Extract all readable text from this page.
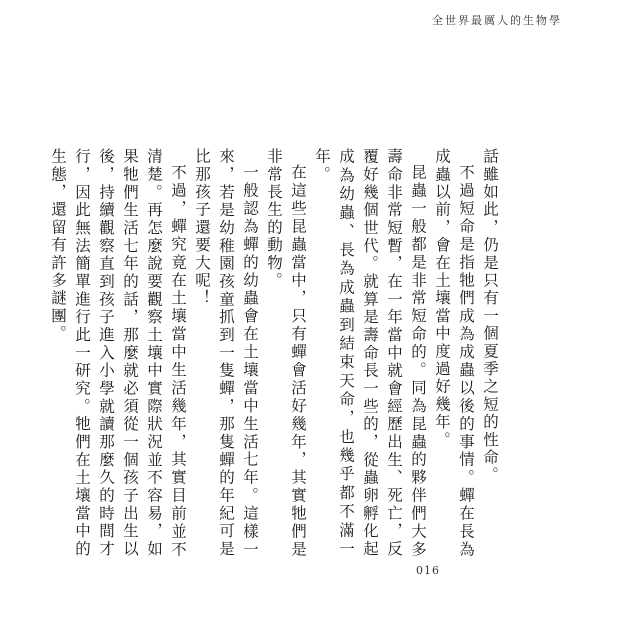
全世界最厲人的生物學

話雖如此，仍是只有一個夏季之短的性命。

不過短命是指牠們成為成蟲以後的事情。蟬在長為成蟲以前，會在土壤當中度過好幾年。

昆蟲一般都是非常短命的。同為昆蟲的夥伴們大多壽命非常短暫，在一年當中就會經歷出生、死亡，反覆好幾個世代。就算是壽命長一些的，從蟲卵孵化起成為幼蟲、長為成蟲到結束天命，也幾乎都不滿一年。

在這些昆蟲當中，只有蟬會活好幾年，其實牠們是非常長生的動物。

一般認為蟬的幼蟲會在土壤當中生活七年。這樣一來，若是幼稚園孩童抓到一隻蟬，那隻蟬的年紀可是比那孩子還要大呢！

不過，蟬究竟在土壤當中生活幾年，其實目前並不清楚。再怎麼說要觀察土壤中實際狀況並不容易，如果牠們生活七年的話，那麼就必須從一個孩子出生以後，持續觀察直到孩子進入小學就讀那麼久的時間才行，因此無法簡單進行此一研究。牠們在土壤當中的生態，還留有許多謎團。

016
